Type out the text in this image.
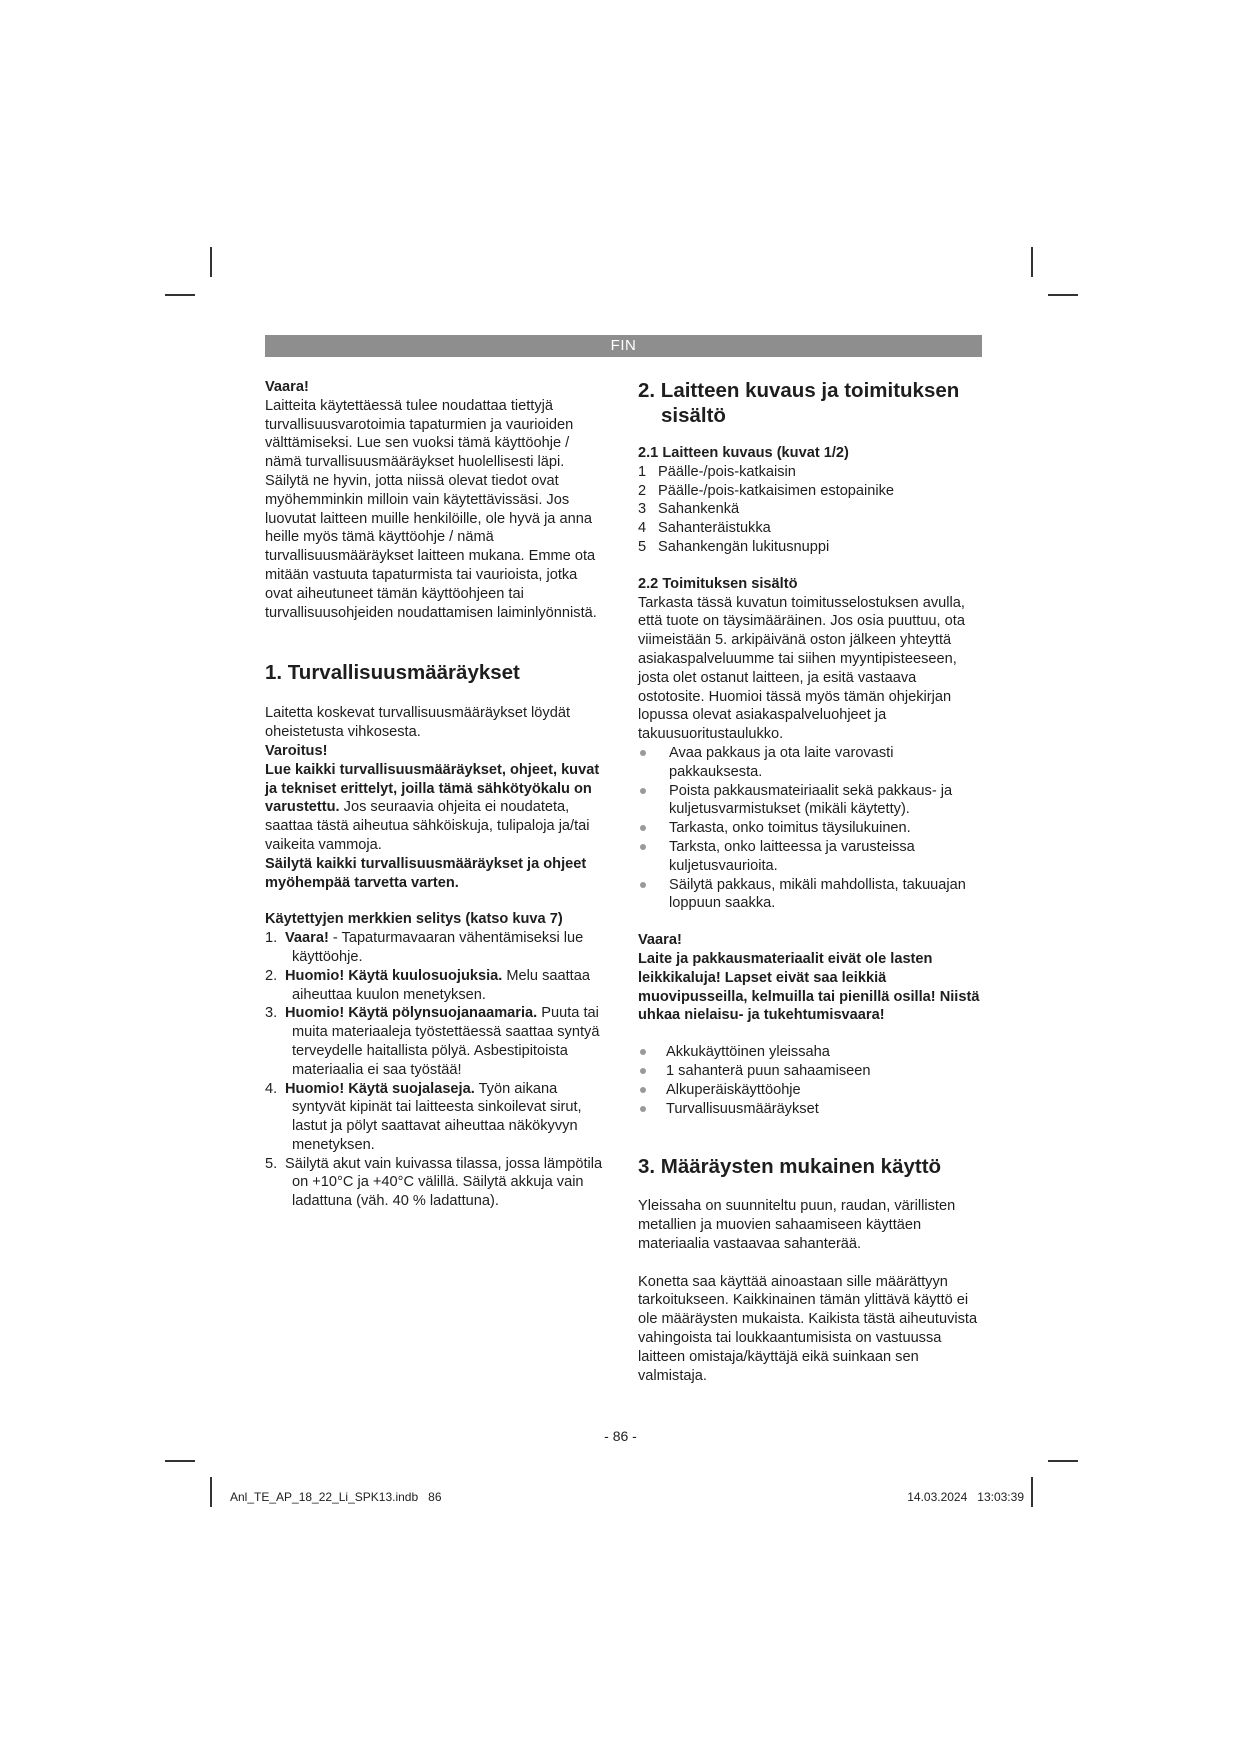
FIN

Vaara!
Laitteita käytettäessä tulee noudattaa tiettyjä turvallisuusvarotoimia tapaturmien ja vaurioiden välttämiseksi. Lue sen vuoksi tämä käyttöohje / nämä turvallisuusmääräykset huolellisesti läpi. Säilytä ne hyvin, jotta niissä olevat tiedot ovat myöhemminkin milloin vain käytettävissäsi. Jos luovutat laitteen muille henkilöille, ole hyvä ja anna heille myös tämä käyttöohje / nämä turvallisuusmääräykset laitteen mukana. Emme ota mitään vastuuta tapaturmista tai vaurioista, jotka ovat aiheutuneet tämän käyttöohjeen tai turvallisuusohjeiden noudattamisen laiminlyönnistä.

1. Turvallisuusmääräykset

Laitetta koskevat turvallisuusmääräykset löydät oheistetusta vihkosesta.

Varoitus!
Lue kaikki turvallisuusmääräykset, ohjeet, kuvat ja tekniset erittelyt, joilla tämä sähkötyökalu on varustettu. Jos seuraavia ohjeita ei noudateta, saattaa tästä aiheutua sähköiskuja, tulipaloja ja/tai vaikeita vammoja.

Säilytä kaikki turvallisuusmääräykset ja ohjeet myöhempää tarvetta varten.

Käytettyjen merkkien selitys (katso kuva 7)
1. Vaara! - Tapaturmavaaran vähentämiseksi lue käyttöohje.
2. Huomio! Käytä kuulosuojuksia. Melu saattaa aiheuttaa kuulon menetyksen.
3. Huomio! Käytä pölynsuojanaamaria. Puuta tai muita materiaaleja työstettäessä saattaa syntyä terveydelle haitallista pölyä. Asbestipitoista materiaalia ei saa työstää!
4. Huomio! Käytä suojalaseja. Työn aikana syntyvät kipinät tai laitteesta sinkoilevat sirut, lastut ja pölyt saattavat aiheuttaa näkökyvyn menetyksen.
5. Säilytä akut vain kuivassa tilassa, jossa lämpötila on +10°C ja +40°C välillä. Säilytä akkuja vain ladattuna (väh. 40 % ladattuna).
2. Laitteen kuvaus ja toimituksen
sisältö
2.1 Laitteen kuvaus (kuvat 1/2)
1 Päälle-/pois-katkaisin
2 Päälle-/pois-katkaisimen estopainike
3 Sahankenkä
4 Sahanteräistukka
5 Sahankengän lukitusnuppi
2.2 Toimituksen sisältö

Tarkasta tässä kuvatun toimitusselostuksen avulla, että tuote on täysimääräinen. Jos osia puuttuu, ota viimeistään 5. arkipäivänä oston jälkeen yhteyttä asiakaspalveluumme tai siihen myyntipisteeseen, josta olet ostanut laitteen, ja esitä vastaava ostotosite. Huomioi tässä myös tämän ohjekirjan lopussa olevat asiakaspalveluohjeet ja takuusuoritustaulukko.

Avaa pakkaus ja ota laite varovasti pakkauksesta.
Poista pakkausmateiriaalit sekä pakkaus- ja kuljetusvarmistukset (mikäli käytetty).
Tarkasta, onko toimitus täysilukuinen.
Tarksta, onko laitteessa ja varusteissa kuljetusvaurioita.
Säilytä pakkaus, mikäli mahdollista, takuuajan loppuun saakka.

Vaara!
Laite ja pakkausmateriaalit eivät ole lasten leikkikaluja! Lapset eivät saa leikkiä muovipusseilla, kelmuilla tai pienillä osilla! Niistä uhkaa nielaisu- ja tukehtumisvaara!

Akkukäyttöinen yleissaha
1 sahanterä puun sahaamiseen
Alkuperäiskäyttöohje
Turvallisuusmääräykset
3. Määräysten mukainen käyttö

Yleissaha on suunniteltu puun, raudan, värillisten metallien ja muovien sahaamiseen käyttäen materiaalia vastaavaa sahanterää.

Konetta saa käyttää ainoastaan sille määrättyyn tarkoitukseen. Kaikkinainen tämän ylittävä käyttö ei ole määräysten mukaista. Kaikista tästä aiheutuvista vahingoista tai loukkaantumisista on vastuussa laitteen omistaja/käyttäjä eikä suinkaan sen valmistaja.

- 86 -
Anl_TE_AP_18_22_Li_SPK13.indb   86	14.03.2024   13:03:39
